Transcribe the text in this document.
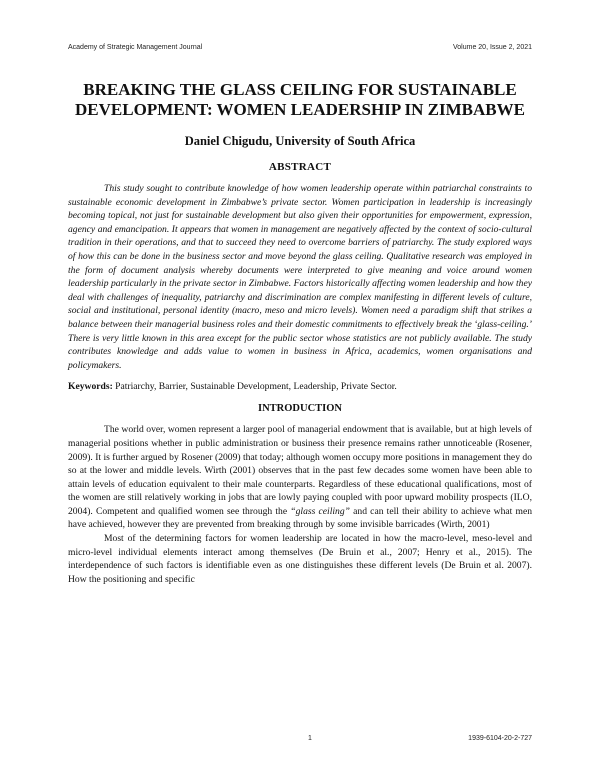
Academy of Strategic Management Journal	Volume 20, Issue 2, 2021
BREAKING THE GLASS CEILING FOR SUSTAINABLE DEVELOPMENT: WOMEN LEADERSHIP IN ZIMBABWE
Daniel Chigudu, University of South Africa
ABSTRACT

This study sought to contribute knowledge of how women leadership operate within patriarchal constraints to sustainable economic development in Zimbabwe’s private sector. Women participation in leadership is increasingly becoming topical, not just for sustainable development but also given their opportunities for empowerment, expression, agency and emancipation. It appears that women in management are negatively affected by the context of socio-cultural tradition in their operations, and that to succeed they need to overcome barriers of patriarchy. The study explored ways of how this can be done in the business sector and move beyond the glass ceiling. Qualitative research was employed in the form of document analysis whereby documents were interpreted to give meaning and voice around women leadership particularly in the private sector in Zimbabwe. Factors historically affecting women leadership and how they deal with challenges of inequality, patriarchy and discrimination are complex manifesting in different levels of culture, social and institutional, personal identity (macro, meso and micro levels). Women need a paradigm shift that strikes a balance between their managerial business roles and their domestic commitments to effectively break the ‘glass-ceiling.’ There is very little known in this area except for the public sector whose statistics are not publicly available. The study contributes knowledge and adds value to women in business in Africa, academics, women organisations and policymakers.

Keywords: Patriarchy, Barrier, Sustainable Development, Leadership, Private Sector.
INTRODUCTION

The world over, women represent a larger pool of managerial endowment that is available, but at high levels of managerial positions whether in public administration or business their presence remains rather unnoticeable (Rosener, 2009). It is further argued by Rosener (2009) that today; although women occupy more positions in management they do so at the lower and middle levels. Wirth (2001) observes that in the past few decades some women have been able to attain levels of education equivalent to their male counterparts. Regardless of these educational qualifications, most of the women are still relatively working in jobs that are lowly paying coupled with poor upward mobility prospects (ILO, 2004). Competent and qualified women see through the “glass ceiling” and can tell their ability to achieve what men have achieved, however they are prevented from breaking through by some invisible barricades (Wirth, 2001)

Most of the determining factors for women leadership are located in how the macro-level, meso-level and micro-level individual elements interact among themselves (De Bruin et al., 2007; Henry et al., 2015). The interdependence of such factors is identifiable even as one distinguishes these different levels (De Bruin et al. 2007). How the positioning and specific

1	1939-6104-20-2-727
